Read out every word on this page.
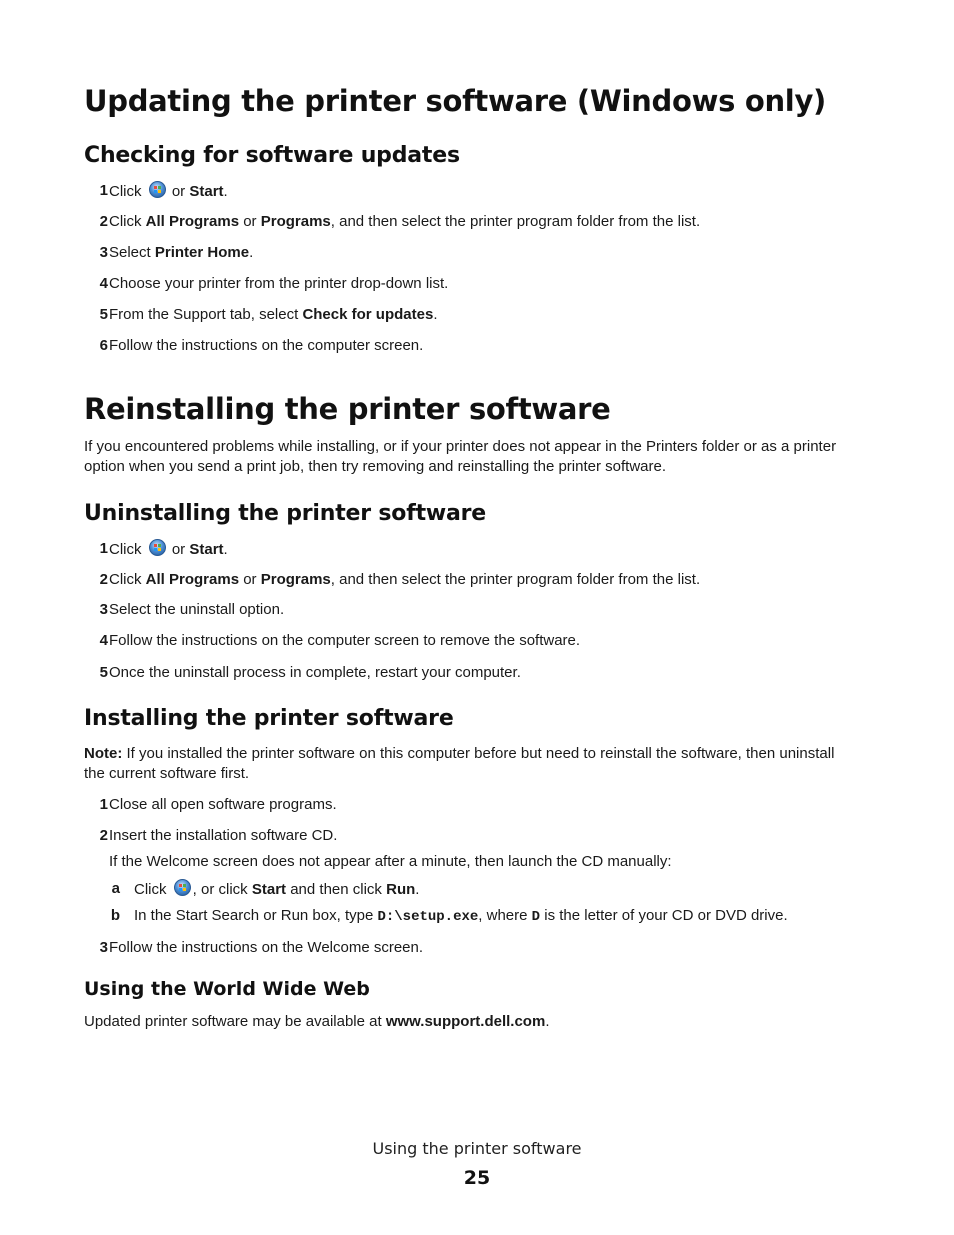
Updating the printer software (Windows only)
Checking for software updates
1 Click  or Start.
2 Click All Programs or Programs, and then select the printer program folder from the list.
3 Select Printer Home.
4 Choose your printer from the printer drop-down list.
5 From the Support tab, select Check for updates.
6 Follow the instructions on the computer screen.
Reinstalling the printer software
If you encountered problems while installing, or if your printer does not appear in the Printers folder or as a printer
option when you send a print job, then try removing and reinstalling the printer software.
Uninstalling the printer software
1 Click  or Start.
2 Click All Programs or Programs, and then select the printer program folder from the list.
3 Select the uninstall option.
4 Follow the instructions on the computer screen to remove the software.
5 Once the uninstall process in complete, restart your computer.
Installing the printer software
Note: If you installed the printer software on this computer before but need to reinstall the software, then uninstall
the current software first.
1 Close all open software programs.
2 Insert the installation software CD.
If the Welcome screen does not appear after a minute, then launch the CD manually:
a Click , or click Start and then click Run.
b In the Start Search or Run box, type D:\setup.exe, where D is the letter of your CD or DVD drive.
3 Follow the instructions on the Welcome screen.
Using the World Wide Web
Updated printer software may be available at www.support.dell.com.
Using the printer software
25
